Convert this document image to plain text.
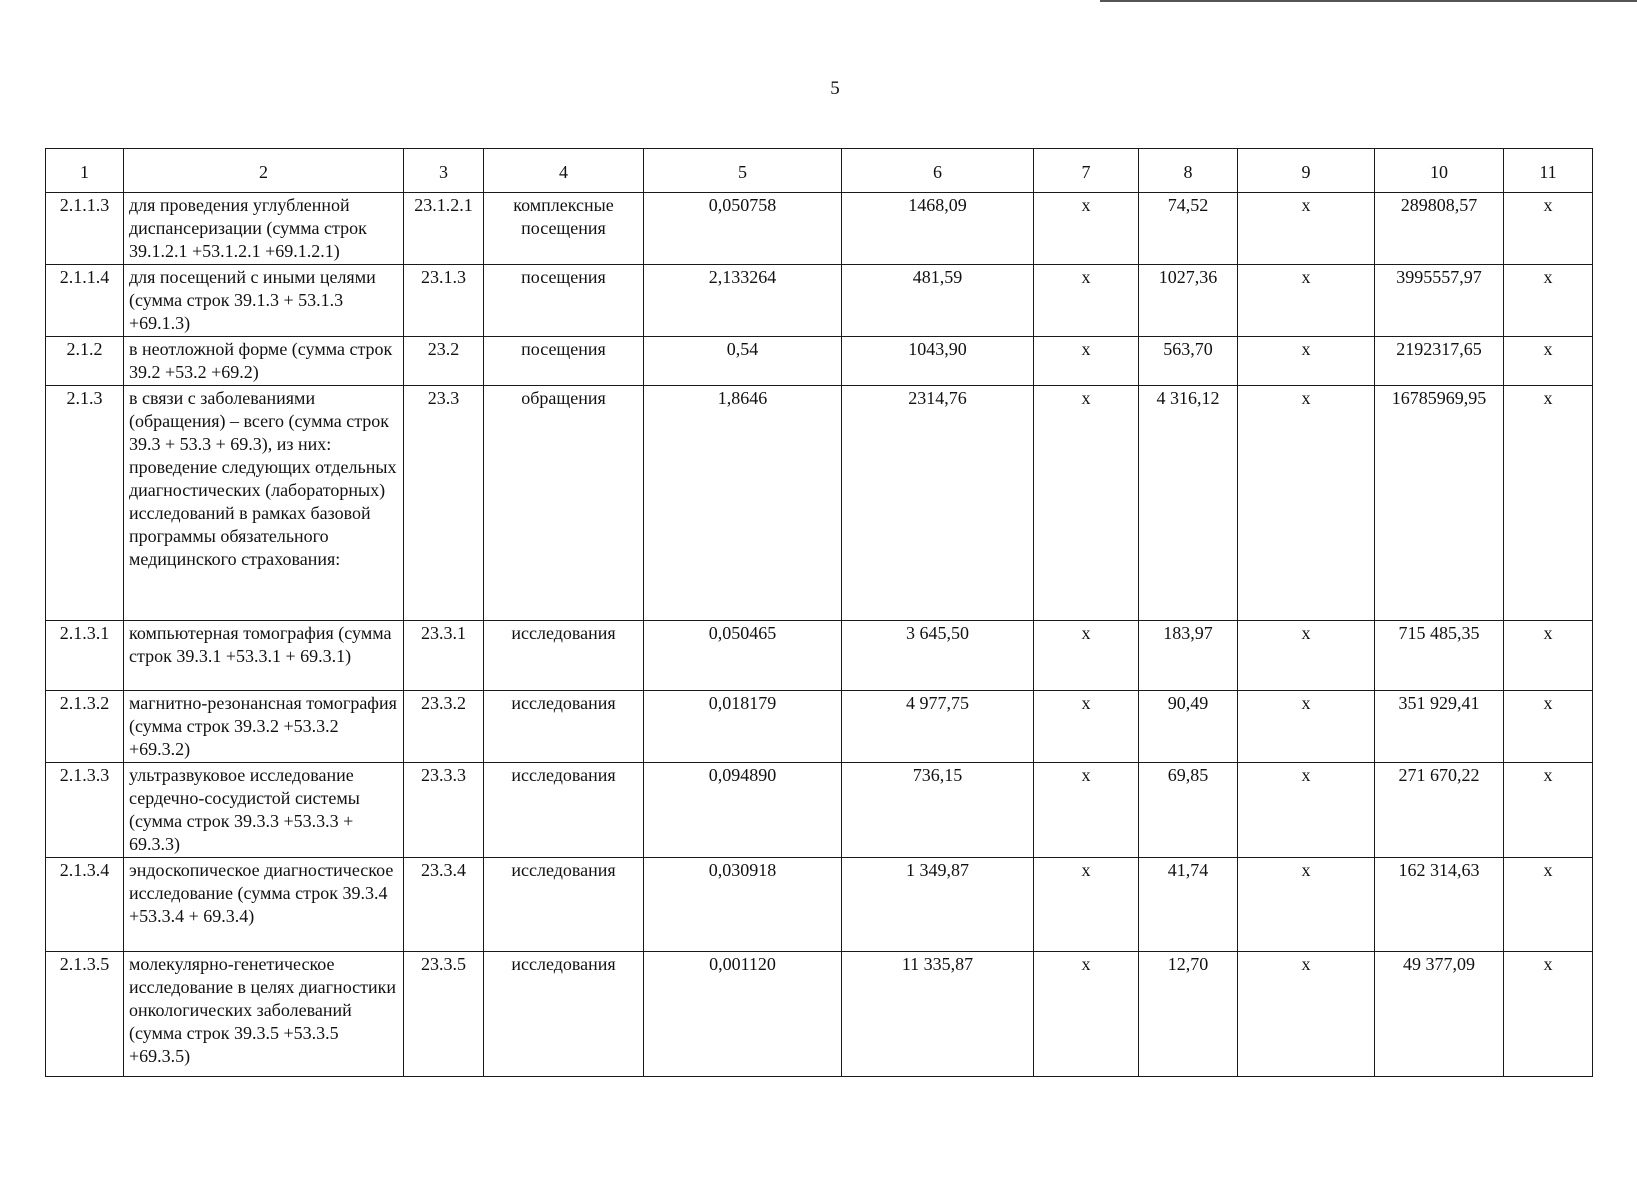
5
1	2	3	4	5	6	7	8	9	10	11
2.1.1.3	для проведения углубленной диспансеризации (сумма строк 39.1.2.1 +53.1.2.1 +69.1.2.1)	23.1.2.1	комплексные посещения	0,050758	1468,09	x	74,52	x	289808,57	x
2.1.1.4	для посещений с иными целями (сумма строк 39.1.3 + 53.1.3 +69.1.3)	23.1.3	посещения	2,133264	481,59	x	1027,36	x	3995557,97	x
2.1.2	в неотложной форме (сумма строк 39.2 +53.2 +69.2)	23.2	посещения	0,54	1043,90	x	563,70	x	2192317,65	x
2.1.3	в связи с заболеваниями (обращения) – всего (сумма строк 39.3 + 53.3 + 69.3), из них: проведение следующих отдельных диагностических (лабораторных) исследований в рамках базовой программы обязательного медицинского страхования:	23.3	обращения	1,8646	2314,76	x	4 316,12	x	16785969,95	x
2.1.3.1	компьютерная томография (сумма строк 39.3.1 +53.3.1 + 69.3.1)	23.3.1	исследования	0,050465	3 645,50	x	183,97	x	715 485,35	x
2.1.3.2	магнитно-резонансная томография (сумма строк 39.3.2 +53.3.2 +69.3.2)	23.3.2	исследования	0,018179	4 977,75	x	90,49	x	351 929,41	x
2.1.3.3	ультразвуковое исследование сердечно-сосудистой системы (сумма строк 39.3.3 +53.3.3 + 69.3.3)	23.3.3	исследования	0,094890	736,15	x	69,85	x	271 670,22	x
2.1.3.4	эндоскопическое диагностическое исследование (сумма строк 39.3.4 +53.3.4 + 69.3.4)	23.3.4	исследования	0,030918	1 349,87	x	41,74	x	162 314,63	x
2.1.3.5	молекулярно-генетическое исследование в целях диагностики онкологических заболеваний (сумма строк 39.3.5 +53.3.5 +69.3.5)	23.3.5	исследования	0,001120	11 335,87	x	12,70	x	49 377,09	x
